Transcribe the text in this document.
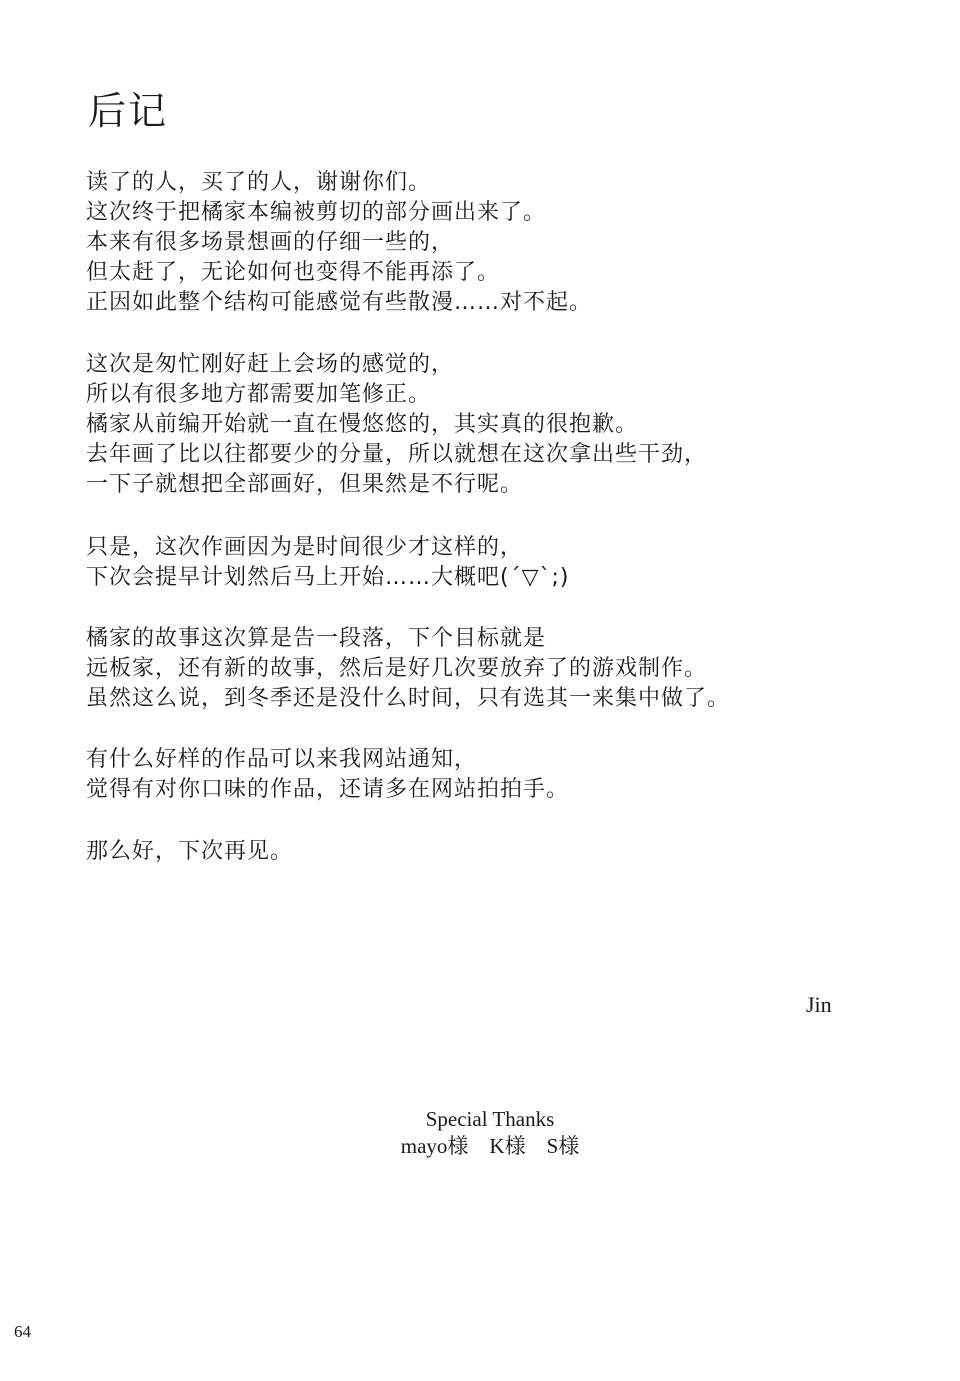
后记
读了的人，买了的人，谢谢你们。
这次终于把橘家本编被剪切的部分画出来了。
本来有很多场景想画的仔细一些的，
但太赶了，无论如何也变得不能再添了。
正因如此整个结构可能感觉有些散漫……对不起。
这次是匆忙刚好赶上会场的感觉的，
所以有很多地方都需要加笔修正。
橘家从前编开始就一直在慢悠悠的，其实真的很抱歉。
去年画了比以往都要少的分量，所以就想在这次拿出些干劲，
一下子就想把全部画好，但果然是不行呢。
只是，这次作画因为是时间很少才这样的，
下次会提早计划然后马上开始……大概吧(´▽`;)
橘家的故事这次算是告一段落，下个目标就是
远板家，还有新的故事，然后是好几次要放弃了的游戏制作。
虽然这么说，到冬季还是没什么时间，只有选其一来集中做了。
有什么好样的作品可以来我网站通知，
觉得有对你口味的作品，还请多在网站拍拍手。
那么好，下次再见。
Jin
Special Thanks
mayo様　K様　S様
64
